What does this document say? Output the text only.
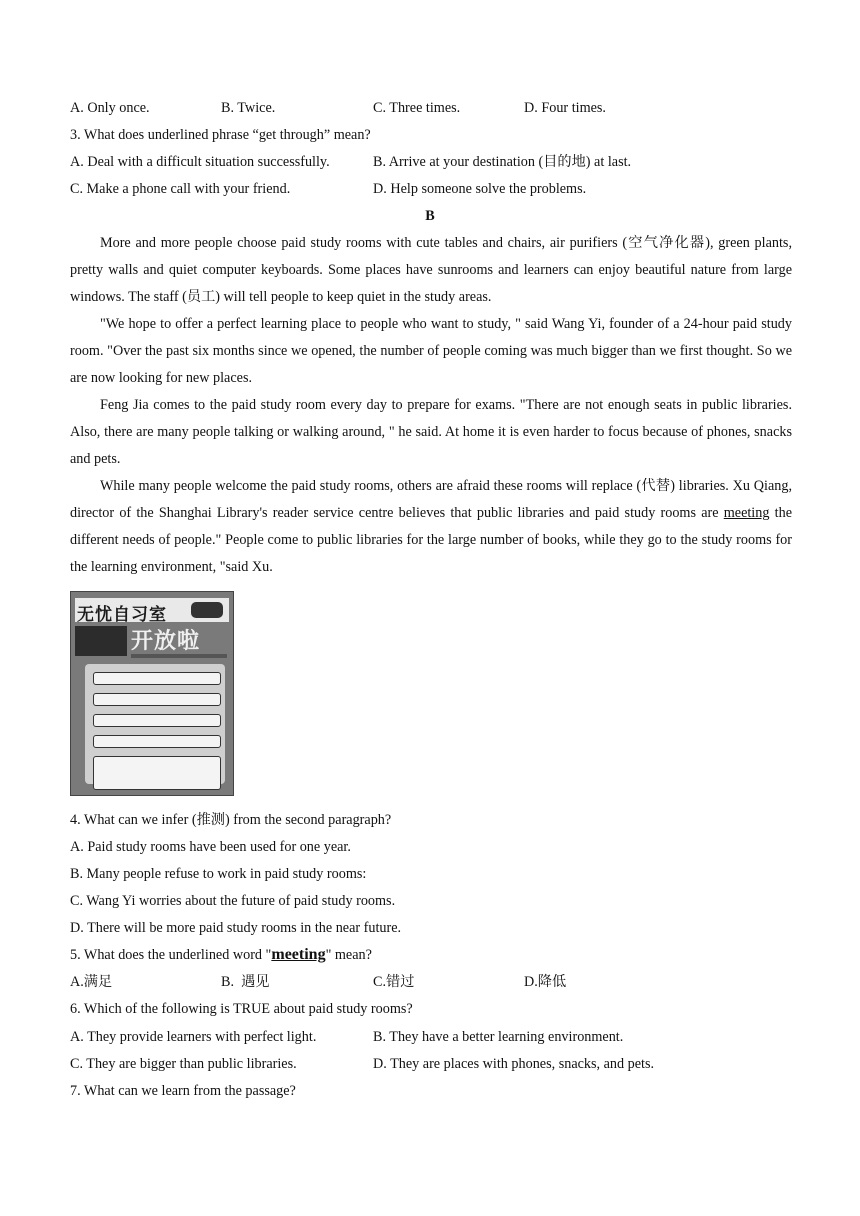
A. Only once.	B. Twice.	C. Three times.	D. Four times.
3. What does underlined phrase “get through” mean?
A. Deal with a difficult situation successfully.	B. Arrive at your destination (目的地) at last.
C. Make a phone call with your friend.	D. Help someone solve the problems.
B

More and more people choose paid study rooms with cute tables and chairs, air purifiers (空气净化器), green plants, pretty walls and quiet computer keyboards. Some places have sunrooms and learners can enjoy beautiful nature from large windows. The staff (员工) will tell people to keep quiet in the study areas.

"We hope to offer a perfect learning place to people who want to study, " said Wang Yi, founder of a 24-hour paid study room. "Over the past six months since we opened, the number of people coming was much bigger than we first thought. So we are now looking for new places.

Feng Jia comes to the paid study room every day to prepare for exams. "There are not enough seats in public libraries. Also, there are many people talking or walking around, " he said. At home it is even harder to focus because of phones, snacks and pets.

While many people welcome the paid study rooms, others are afraid these rooms will replace (代替) libraries. Xu Qiang, director of the Shanghai Library's reader service centre believes that public libraries and paid study rooms are meeting the different needs of people." People come to public libraries for the large number of books, while they go to the study rooms for the learning environment, "said Xu.

无忧自习室
开放啦
4. What can we infer (推测) from the second paragraph?
A. Paid study rooms have been used for one year.
B. Many people refuse to work in paid study rooms:
C. Wang Yi worries about the future of paid study rooms.
D. There will be more paid study rooms in the near future.
5. What does the underlined word "meeting" mean?
A.满足	B.  遇见	C.错过	D.降低
6. Which of the following is TRUE about paid study rooms?
A. They provide learners with perfect light.	B. They have a better learning environment.
C. They are bigger than public libraries.	D. They are places with phones, snacks, and pets.
7. What can we learn from the passage?
